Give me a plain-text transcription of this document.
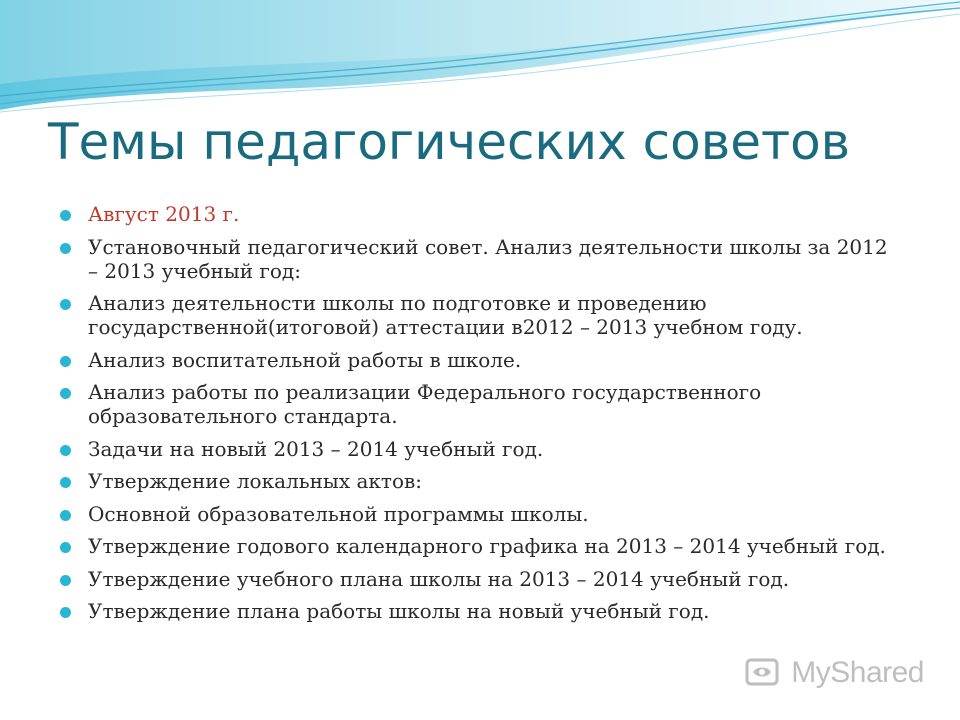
Темы педагогических советов
Август 2013 г.
Установочный педагогический совет. Анализ деятельности школы за 2012 – 2013 учебный год:
Анализ деятельности школы по подготовке и проведению государственной(итоговой) аттестации в2012 – 2013 учебном году.
Анализ воспитательной работы в школе.
Анализ работы по реализации Федерального государственного образовательного стандарта.
Задачи на новый 2013 – 2014 учебный год.
Утверждение локальных актов:
Основной образовательной программы школы.
Утверждение годового календарного графика на 2013 – 2014 учебный год.
Утверждение учебного плана школы на 2013 – 2014 учебный год.
Утверждение плана работы школы на новый учебный год.
MyShared
